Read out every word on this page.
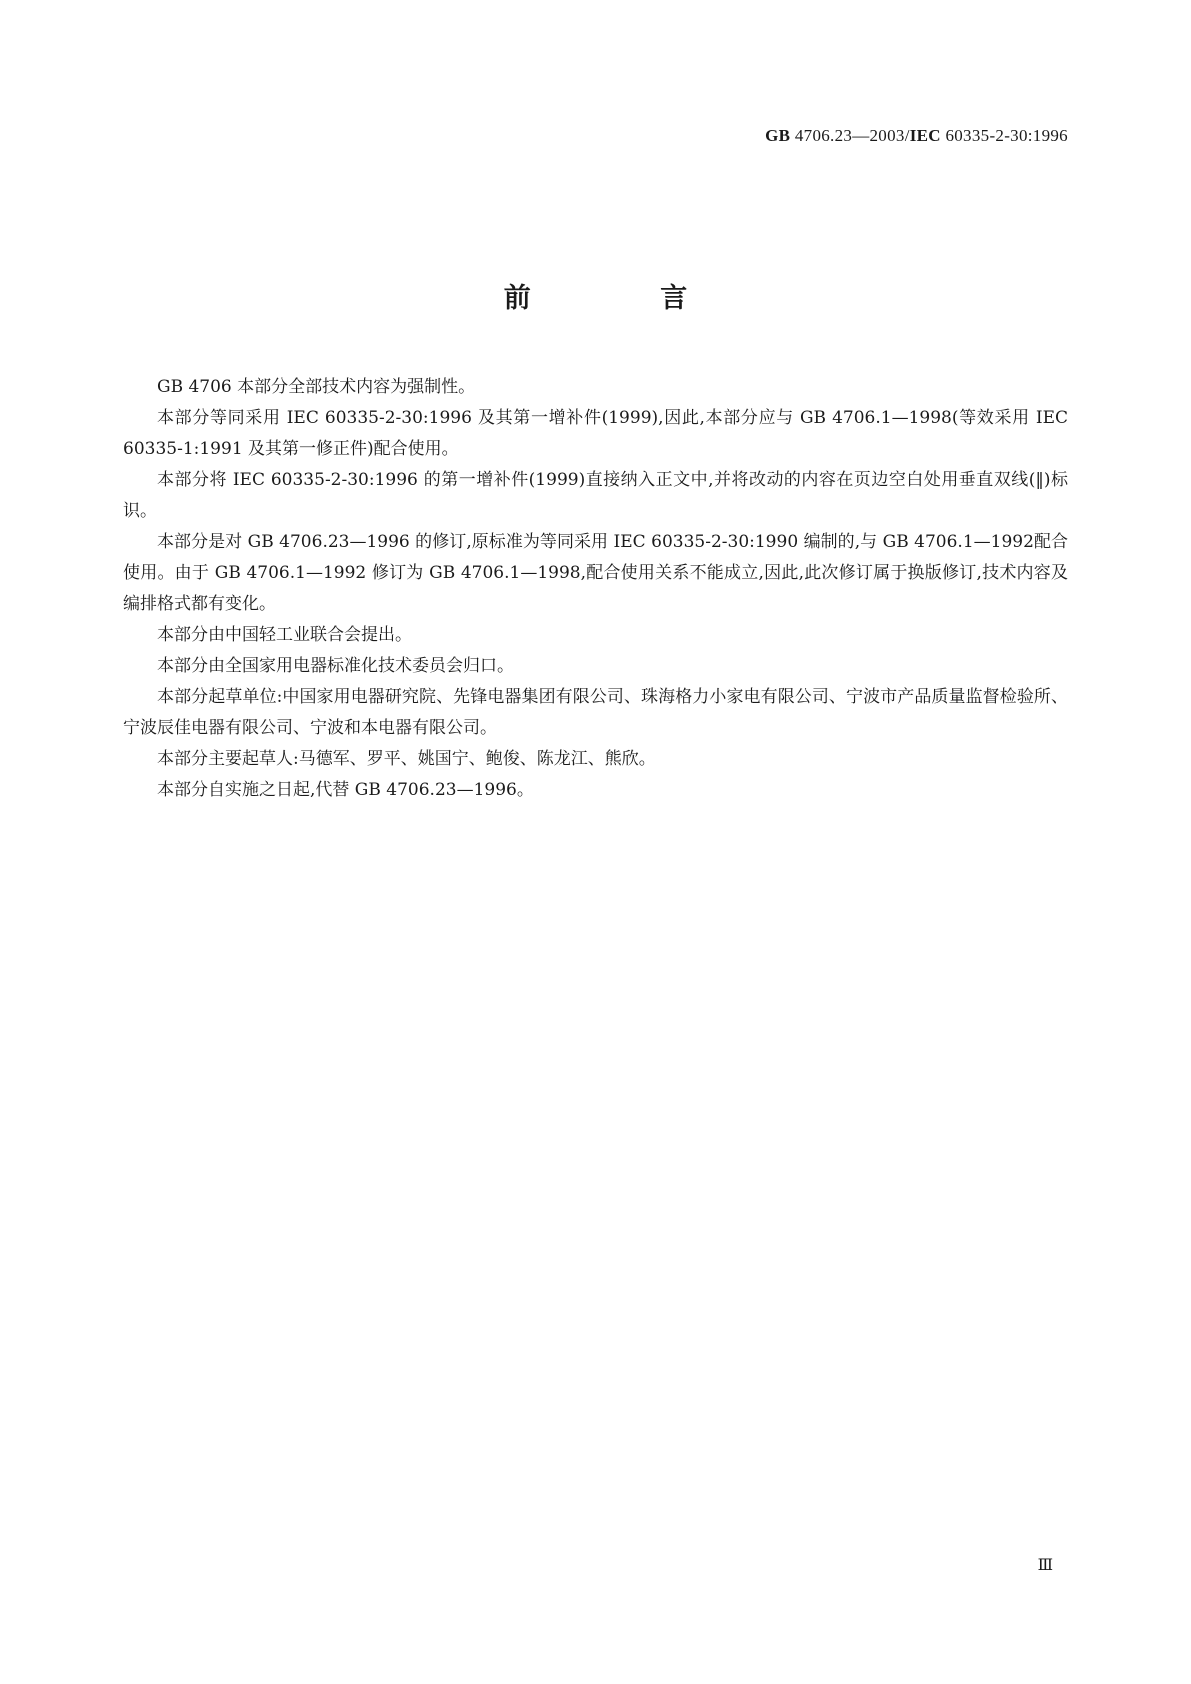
GB 4706.23—2003/IEC 60335-2-30:1996
前 言

GB 4706 本部分全部技术内容为强制性。

本部分等同采用 IEC 60335-2-30:1996 及其第一增补件(1999),因此,本部分应与 GB 4706.1—1998(等效采用 IEC 60335-1:1991 及其第一修正件)配合使用。

本部分将 IEC 60335-2-30:1996 的第一增补件(1999)直接纳入正文中,并将改动的内容在页边空白处用垂直双线(‖)标识。

本部分是对 GB 4706.23—1996 的修订,原标准为等同采用 IEC 60335-2-30:1990 编制的,与 GB 4706.1—1992配合使用。由于 GB 4706.1—1992 修订为 GB 4706.1—1998,配合使用关系不能成立,因此,此次修订属于换版修订,技术内容及编排格式都有变化。

本部分由中国轻工业联合会提出。

本部分由全国家用电器标准化技术委员会归口。

本部分起草单位:中国家用电器研究院、先锋电器集团有限公司、珠海格力小家电有限公司、宁波市产品质量监督检验所、宁波辰佳电器有限公司、宁波和本电器有限公司。

本部分主要起草人:马德军、罗平、姚国宁、鲍俊、陈龙江、熊欣。

本部分自实施之日起,代替 GB 4706.23—1996。

Ⅲ
